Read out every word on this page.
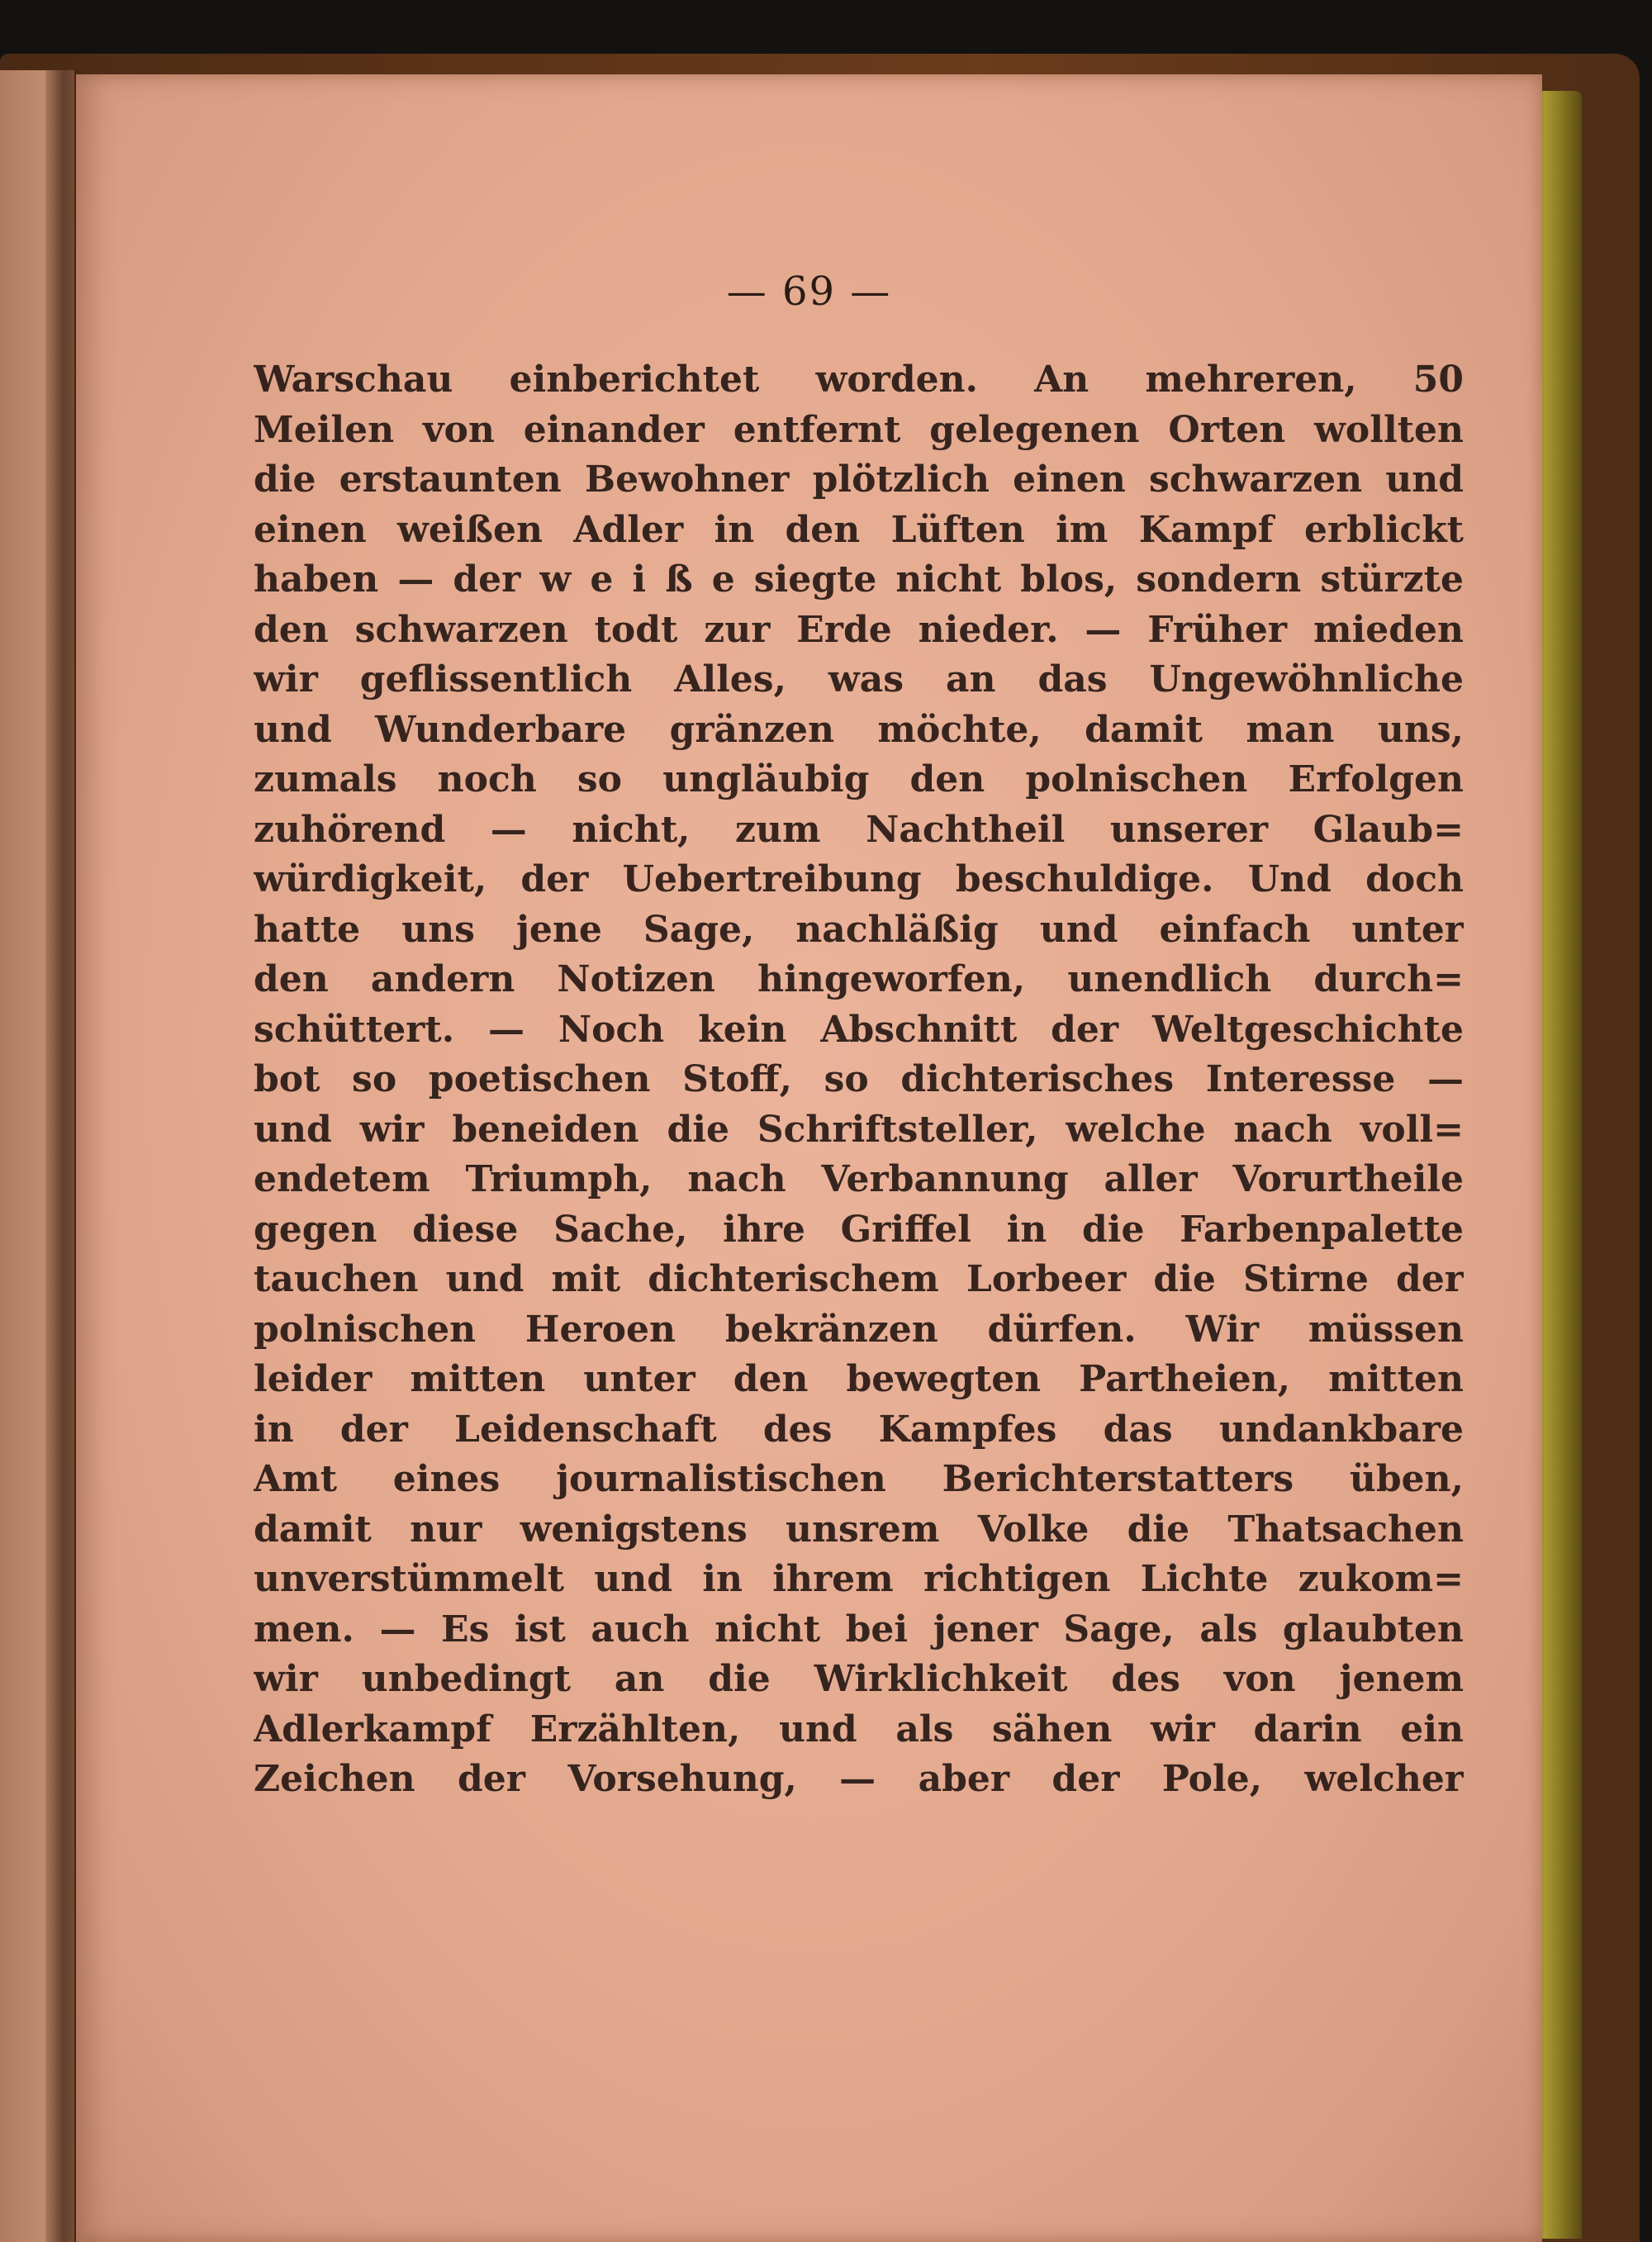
— 69 —
Warschau einberichtet worden. An mehreren, 50
Meilen von einander entfernt gelegenen Orten wollten
die erstaunten Bewohner plötzlich einen schwarzen und
einen weißen Adler in den Lüften im Kampf erblickt
haben — der w e i ß e siegte nicht blos, sondern stürzte
den schwarzen todt zur Erde nieder. — Früher mieden
wir geflissentlich Alles, was an das Ungewöhnliche
und Wunderbare gränzen möchte, damit man uns,
zumals noch so ungläubig den polnischen Erfolgen
zuhörend — nicht, zum Nachtheil unserer Glaub=
würdigkeit, der Uebertreibung beschuldige. Und doch
hatte uns jene Sage, nachläßig und einfach unter
den andern Notizen hingeworfen, unendlich durch=
schüttert. — Noch kein Abschnitt der Weltgeschichte
bot so poetischen Stoff, so dichterisches Interesse —
und wir beneiden die Schriftsteller, welche nach voll=
endetem Triumph, nach Verbannung aller Vorurtheile
gegen diese Sache, ihre Griffel in die Farbenpalette
tauchen und mit dichterischem Lorbeer die Stirne der
polnischen Heroen bekränzen dürfen. Wir müssen
leider mitten unter den bewegten Partheien, mitten
in der Leidenschaft des Kampfes das undankbare
Amt eines journalistischen Berichterstatters üben,
damit nur wenigstens unsrem Volke die Thatsachen
unverstümmelt und in ihrem richtigen Lichte zukom=
men. — Es ist auch nicht bei jener Sage, als glaubten
wir unbedingt an die Wirklichkeit des von jenem
Adlerkampf Erzählten, und als sähen wir darin ein
Zeichen der Vorsehung, — aber der Pole, welcher
